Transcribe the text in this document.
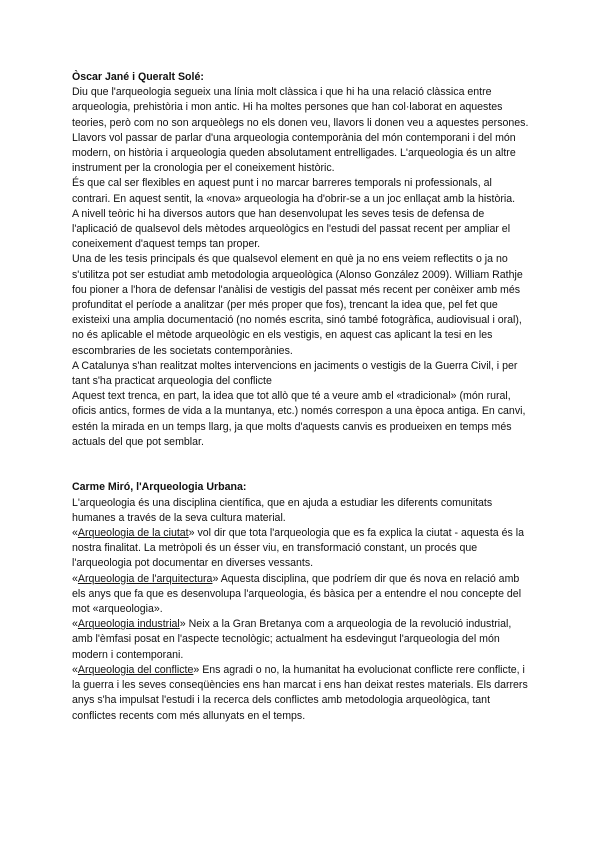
Òscar Jané i Queralt Solé:

Diu que l'arqueologia segueix una línia molt clàssica i que hi ha una relació clàssica entre arqueologia, prehistòria i mon antic. Hi ha moltes persones que han col·laborat en aquestes teories, però com no son arqueòlegs no els donen veu, llavors li donen veu a aquestes persones.

Llavors vol passar de parlar d'una arqueologia contemporània del món contemporani i del món modern, on història i arqueologia queden absolutament entrelligades. L'arqueologia és un altre instrument per la cronologia per el coneixement històric.

És que cal ser flexibles en aquest punt i no marcar barreres temporals ni professionals, al contrari. En aquest sentit, la «nova» arqueologia ha d'obrir-se a un joc enllaçat amb la història.

A nivell teòric hi ha diversos autors que han desenvolupat les seves tesis de defensa de l'aplicació de qualsevol dels mètodes arqueològics en l'estudi del passat recent per ampliar el coneixement d'aquest temps tan proper.

Una de les tesis principals és que qualsevol element en què ja no ens veiem reflectits o ja no s'utilitza pot ser estudiat amb metodologia arqueològica (Alonso González 2009). William Rathje fou pioner a l'hora de defensar l'anàlisi de vestigis del passat més recent per conèixer amb més profunditat el període a analitzar (per més proper que fos), trencant la idea que, pel fet que existeixi una amplia documentació (no només escrita, sinó també fotogràfica, audiovisual i oral), no és aplicable el mètode arqueològic en els vestigis, en aquest cas aplicant la tesi en les escombraries de les societats contemporànies.

A Catalunya s'han realitzat moltes intervencions en jaciments o vestigis de la Guerra Civil, i per tant s'ha practicat arqueologia del conflicte

Aquest text trenca, en part, la idea que tot allò que té a veure amb el «tradicional» (món rural, oficis antics, formes de vida a la muntanya, etc.) només correspon a una època antiga. En canvi, estén la mirada en un temps llarg, ja que molts d'aquests canvis es produeixen en temps més actuals del que pot semblar.

Carme Miró, l'Arqueologia Urbana:

L'arqueologia és una disciplina científica, que en ajuda a estudiar les diferents comunitats humanes a través de la seva cultura material.

«Arqueologia de la ciutat» vol dir que tota l'arqueologia que es fa explica la ciutat - aquesta és la nostra finalitat. La metròpoli és un ésser viu, en transformació constant, un procés que l'arqueologia pot documentar en diverses vessants.

«Arqueologia de l'arquitectura» Aquesta disciplina, que podríem dir que és nova en relació amb els anys que fa que es desenvolupa l'arqueologia, és bàsica per a entendre el nou concepte del mot «arqueologia».

«Arqueologia industrial» Neix a la Gran Bretanya com a arqueologia de la revolució industrial, amb l'èmfasi posat en l'aspecte tecnològic; actualment ha esdevingut l'arqueologia del món modern i contemporani.

«Arqueologia del conflicte» Ens agradi o no, la humanitat ha evolucionat conflicte rere conflicte, i la guerra i les seves conseqüències ens han marcat i ens han deixat restes materials. Els darrers anys s'ha impulsat l'estudi i la recerca dels conflictes amb metodologia arqueològica, tant conflictes recents com més allunyats en el temps.
